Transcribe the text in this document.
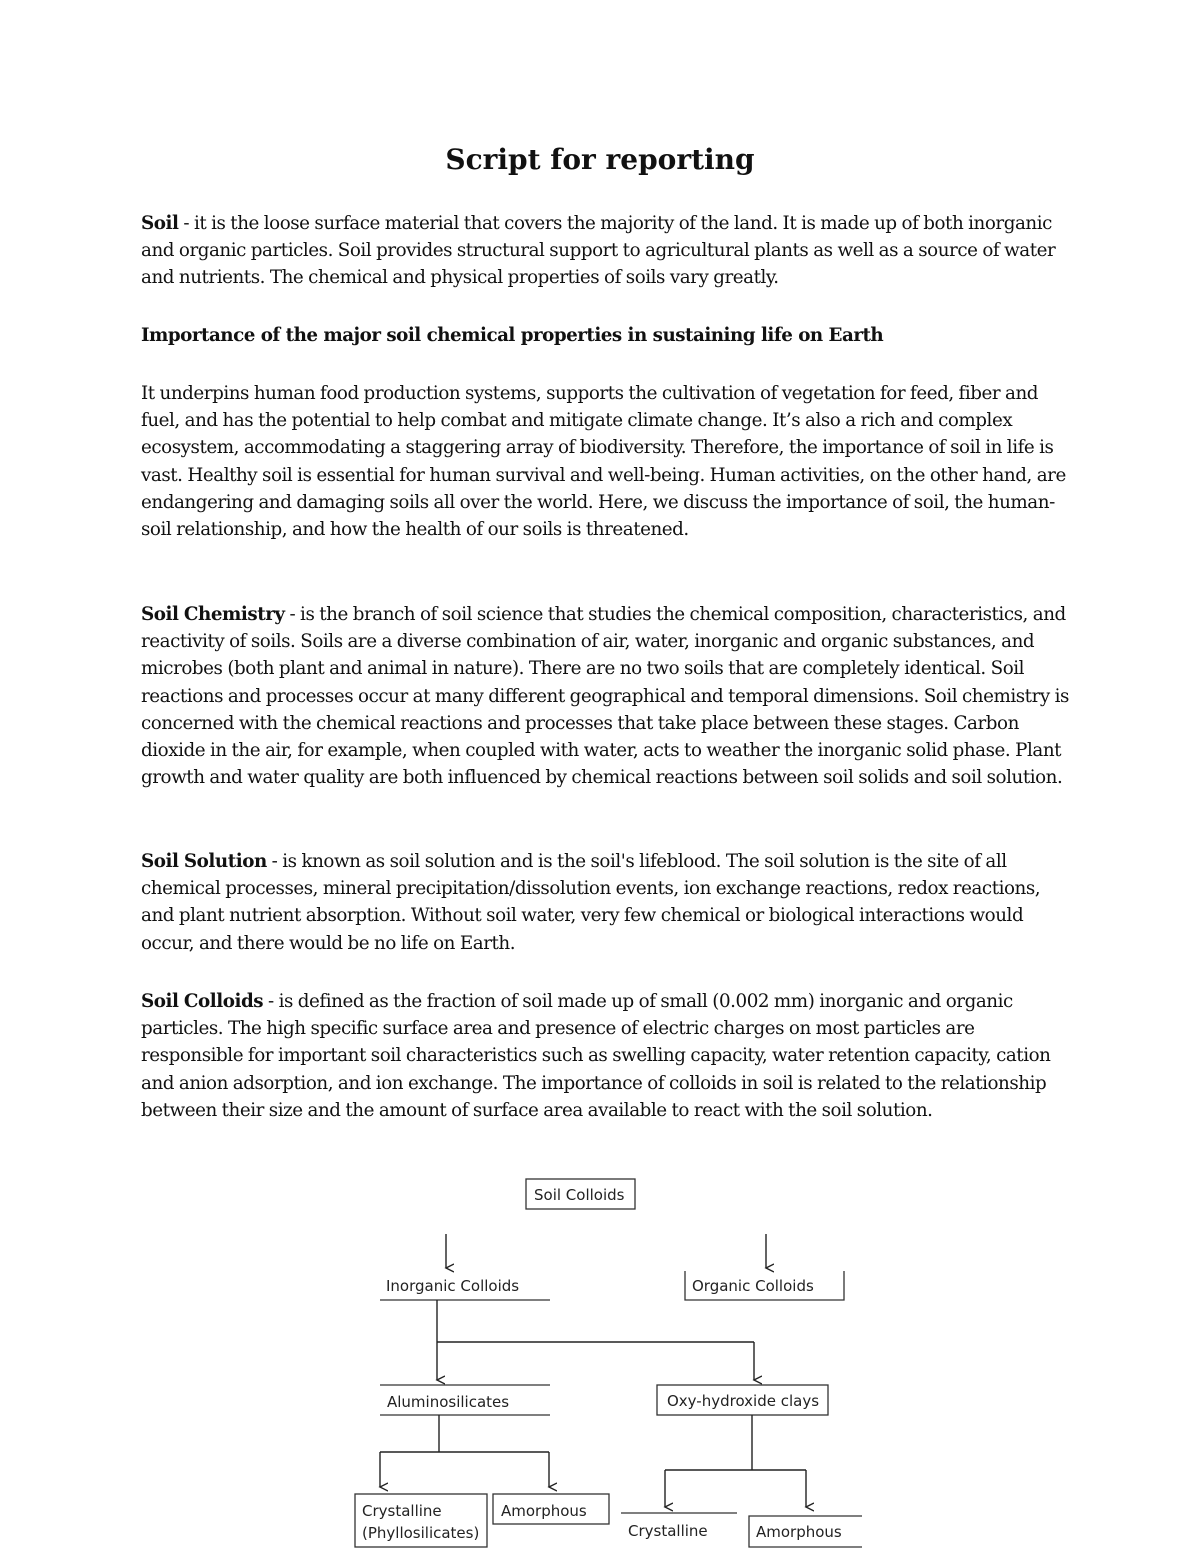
Script for reporting

Soil - it is the loose surface material that covers the majority of the land. It is made up of both inorganic and organic particles. Soil provides structural support to agricultural plants as well as a source of water and nutrients. The chemical and physical properties of soils vary greatly.

Importance of the major soil chemical properties in sustaining life on Earth

It underpins human food production systems, supports the cultivation of vegetation for feed, fiber and fuel, and has the potential to help combat and mitigate climate change. It’s also a rich and complex ecosystem, accommodating a staggering array of biodiversity. Therefore, the importance of soil in life is vast. Healthy soil is essential for human survival and well-being. Human activities, on the other hand, are endangering and damaging soils all over the world. Here, we discuss the importance of soil, the human-soil relationship, and how the health of our soils is threatened.

Soil Chemistry - is the branch of soil science that studies the chemical composition, characteristics, and reactivity of soils. Soils are a diverse combination of air, water, inorganic and organic substances, and microbes (both plant and animal in nature). There are no two soils that are completely identical. Soil reactions and processes occur at many different geographical and temporal dimensions. Soil chemistry is concerned with the chemical reactions and processes that take place between these stages. Carbon dioxide in the air, for example, when coupled with water, acts to weather the inorganic solid phase. Plant growth and water quality are both influenced by chemical reactions between soil solids and soil solution.

Soil Solution - is known as soil solution and is the soil's lifeblood. The soil solution is the site of all chemical processes, mineral precipitation/dissolution events, ion exchange reactions, redox reactions, and plant nutrient absorption. Without soil water, very few chemical or biological interactions would occur, and there would be no life on Earth.

Soil Colloids - is defined as the fraction of soil made up of small (0.002 mm) inorganic and organic particles. The high specific surface area and presence of electric charges on most particles are responsible for important soil characteristics such as swelling capacity, water retention capacity, cation and anion adsorption, and ion exchange. The importance of colloids in soil is related to the relationship between their size and the amount of surface area available to react with the soil solution.

Soil Colloids
Inorganic Colloids	Organic Colloids
Aluminosilicates	Oxy-hydroxide clays
Crystalline
(Phyllosilicates)
Amorphous
Crystalline	Amorphous
